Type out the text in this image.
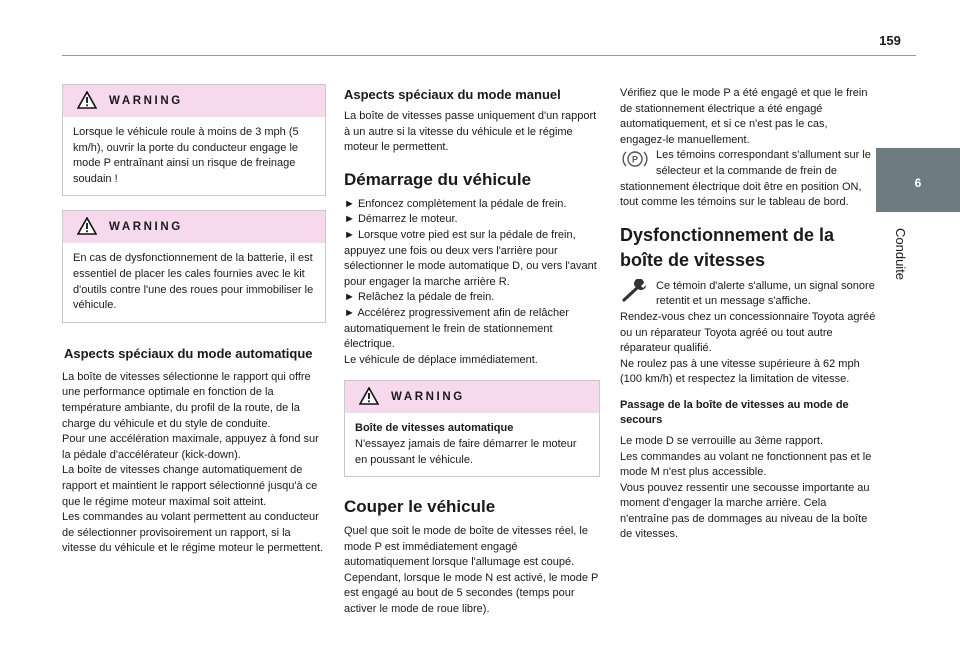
159
6
Conduite
WARNING

Lorsque le véhicule roule à moins de 3 mph (5 km/h), ouvrir la porte du conducteur engage le mode P entraînant ainsi un risque de freinage soudain !

WARNING

En cas de dysfonctionnement de la batterie, il est essentiel de placer les cales fournies avec le kit d'outils contre l'une des roues pour immobiliser le véhicule.

Aspects spéciaux du mode automatique

La boîte de vitesses sélectionne le rapport qui offre une performance optimale en fonction de la température ambiante, du profil de la route, de la charge du véhicule et du style de conduite.

Pour une accélération maximale, appuyez à fond sur la pédale d'accélérateur (kick-down).

La boîte de vitesses change automatiquement de rapport et maintient le rapport sélectionné jusqu'à ce que le régime moteur maximal soit atteint.

Les commandes au volant permettent au conducteur de sélectionner provisoirement un rapport, si la vitesse du véhicule et le régime moteur le permettent.

Aspects spéciaux du mode manuel

La boîte de vitesses passe uniquement d'un rapport à un autre si la vitesse du véhicule et le régime moteur le permettent.

Démarrage du véhicule

► Enfoncez complètement la pédale de frein.

► Démarrez le moteur.

► Lorsque votre pied est sur la pédale de frein, appuyez une fois ou deux vers l'arrière pour sélectionner le mode automatique D, ou vers l'avant pour engager la marche arrière R.

► Relâchez la pédale de frein.

► Accélérez progressivement afin de relâcher automatiquement le frein de stationnement électrique.

Le véhicule de déplace immédiatement.

WARNING

Boîte de vitesses automatique

N'essayez jamais de faire démarrer le moteur en poussant le véhicule.

Couper le véhicule

Quel que soit le mode de boîte de vitesses réel, le mode P est immédiatement engagé automatiquement lorsque l'allumage est coupé. Cependant, lorsque le mode N est activé, le mode P est engagé au bout de 5 secondes (temps pour activer le mode de roue libre).

Vérifiez que le mode P a été engagé et que le frein de stationnement électrique a été engagé automatiquement, et si ce n'est pas le cas, engagez-le manuellement.

P	Les témoins correspondant s'allument sur le sélecteur et la commande de frein de stationnement électrique doit être en position ON, tout comme les témoins sur le tableau de bord.

Dysfonctionnement de la boîte de vitesses

Ce témoin d'alerte s'allume, un signal sonore retentit et un message s'affiche.

Rendez-vous chez un concessionnaire Toyota agréé ou un réparateur Toyota agréé ou tout autre réparateur qualifié.

Ne roulez pas à une vitesse supérieure à 62 mph (100 km/h) et respectez la limitation de vitesse.

Passage de la boîte de vitesses au mode de secours

Le mode D se verrouille au 3ème rapport.

Les commandes au volant ne fonctionnent pas et le mode M n'est plus accessible.

Vous pouvez ressentir une secousse importante au moment d'engager la marche arrière. Cela n'entraîne pas de dommages au niveau de la boîte de vitesses.
